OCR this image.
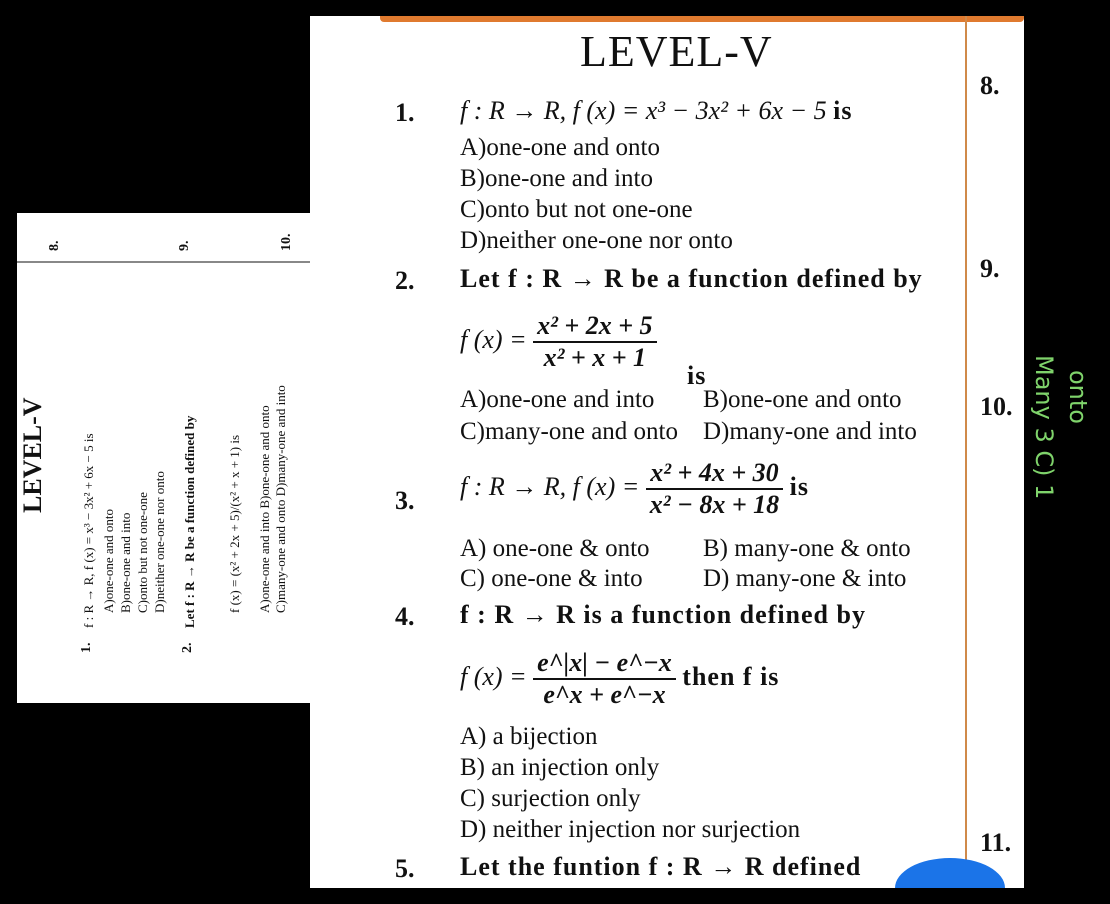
LEVEL-V
1.
f : R → R, f (x) = x³ − 3x² + 6x − 5 is A)one-one and onto B)one-one and into C)onto but not one-one D)neither one-one nor onto
2.
Let f : R → R be a function defined by f (x) = (x² + 2x + 5)/(x² + x + 1) is A)one-one and into B)one-one and onto C)many-one and onto D)many-one and into
8.	9.	10.
LEVEL-V
1. f : R → R, f (x) = x³ − 3x² + 6x − 5 is
A)one-one and onto
B)one-one and into
C)onto but not one-one
D)neither one-one nor onto
2. Let f : R → R be a function defined by
f $(x) = \frac{\text{x² + 2x + 5}}{\text{x² + x + 1}}$
is
A)one-one and into B)one-one and onto
C)many-one and onto D)many-one and into
3. f : R → R, f $(x) = \frac{\text{x² + 4x + 30}}{\text{x² − 8x + 18}}$ is
A) one-one & onto B) many-one & onto
C) one-one & into D) many-one & into
4. f : R → R is a function defined by
f $(x) = \frac{e\^{}|x| - e\^{}-x}{e\^{}x + e\^{}-x}$ then f is
A) a bijection
B) an injection only
C) surjection only
D) neither injection nor surjection
5. Let the funtion f : R → R defined
8.
9.
10.
11.
Many 3 C) 1 onto
